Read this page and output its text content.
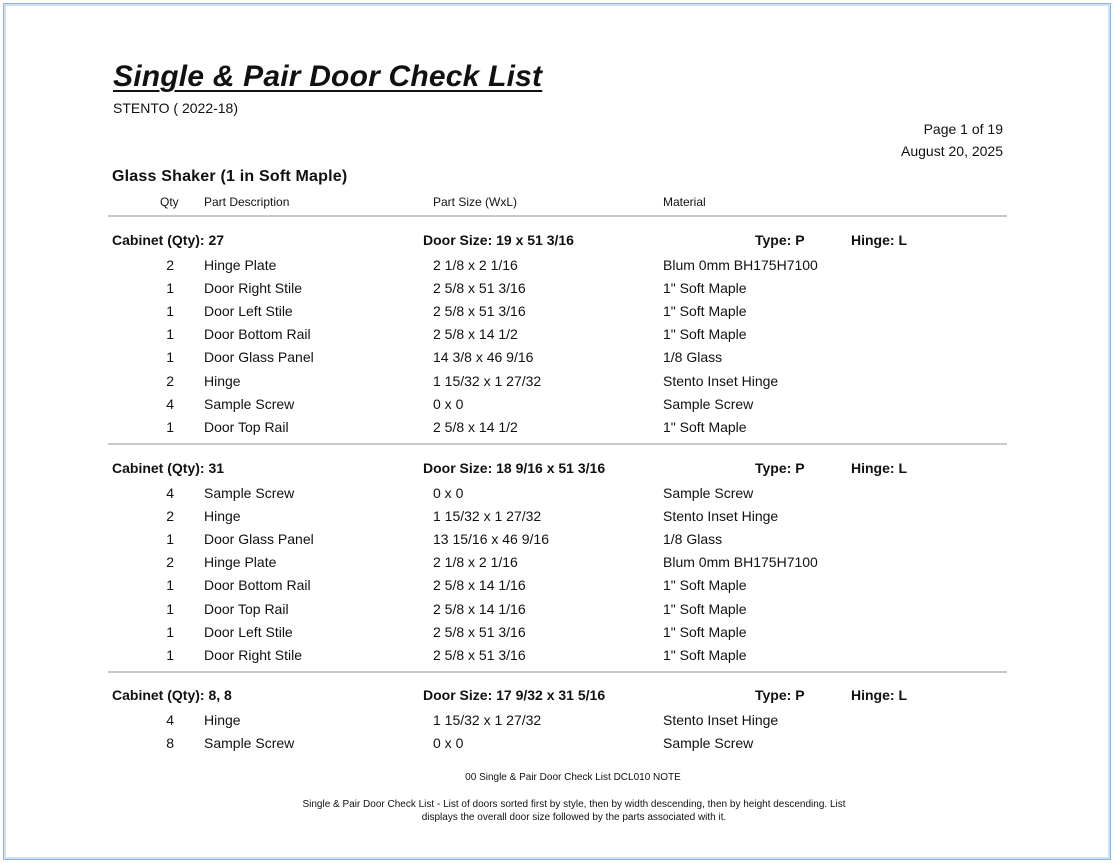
Single & Pair Door Check List
STENTO ( 2022-18)
Page 1 of 19
August 20, 2025
Glass Shaker (1 in Soft Maple)
Qty Part Description	Part Size (WxL)	Material
Cabinet (Qty): 27	Door Size: 19 x 51 3/16	Type: P	Hinge: L
2 Hinge Plate	2 1/8 x 2 1/16	Blum 0mm BH175H7100
1 Door Right Stile	2 5/8 x 51 3/16	1" Soft Maple
1 Door Left Stile	2 5/8 x 51 3/16	1" Soft Maple
1 Door Bottom Rail	2 5/8 x 14 1/2	1" Soft Maple
1 Door Glass Panel	14 3/8 x 46 9/16	1/8 Glass
2 Hinge	1 15/32 x 1 27/32	Stento Inset Hinge
4 Sample Screw	0 x 0	Sample Screw
1 Door Top Rail	2 5/8 x 14 1/2	1" Soft Maple
Cabinet (Qty): 31	Door Size: 18 9/16 x 51 3/16	Type: P	Hinge: L
4 Sample Screw	0 x 0	Sample Screw
2 Hinge	1 15/32 x 1 27/32	Stento Inset Hinge
1 Door Glass Panel	13 15/16 x 46 9/16	1/8 Glass
2 Hinge Plate	2 1/8 x 2 1/16	Blum 0mm BH175H7100
1 Door Bottom Rail	2 5/8 x 14 1/16	1" Soft Maple
1 Door Top Rail	2 5/8 x 14 1/16	1" Soft Maple
1 Door Left Stile	2 5/8 x 51 3/16	1" Soft Maple
1 Door Right Stile	2 5/8 x 51 3/16	1" Soft Maple
Cabinet (Qty): 8, 8	Door Size: 17 9/32 x 31 5/16	Type: P	Hinge: L
4 Hinge	1 15/32 x 1 27/32	Stento Inset Hinge
8 Sample Screw	0 x 0	Sample Screw
00 Single & Pair Door Check List DCL010 NOTE
Single & Pair Door Check List - List of doors sorted first by style, then by width descending, then by height descending. List
displays the overall door size followed by the parts associated with it.
